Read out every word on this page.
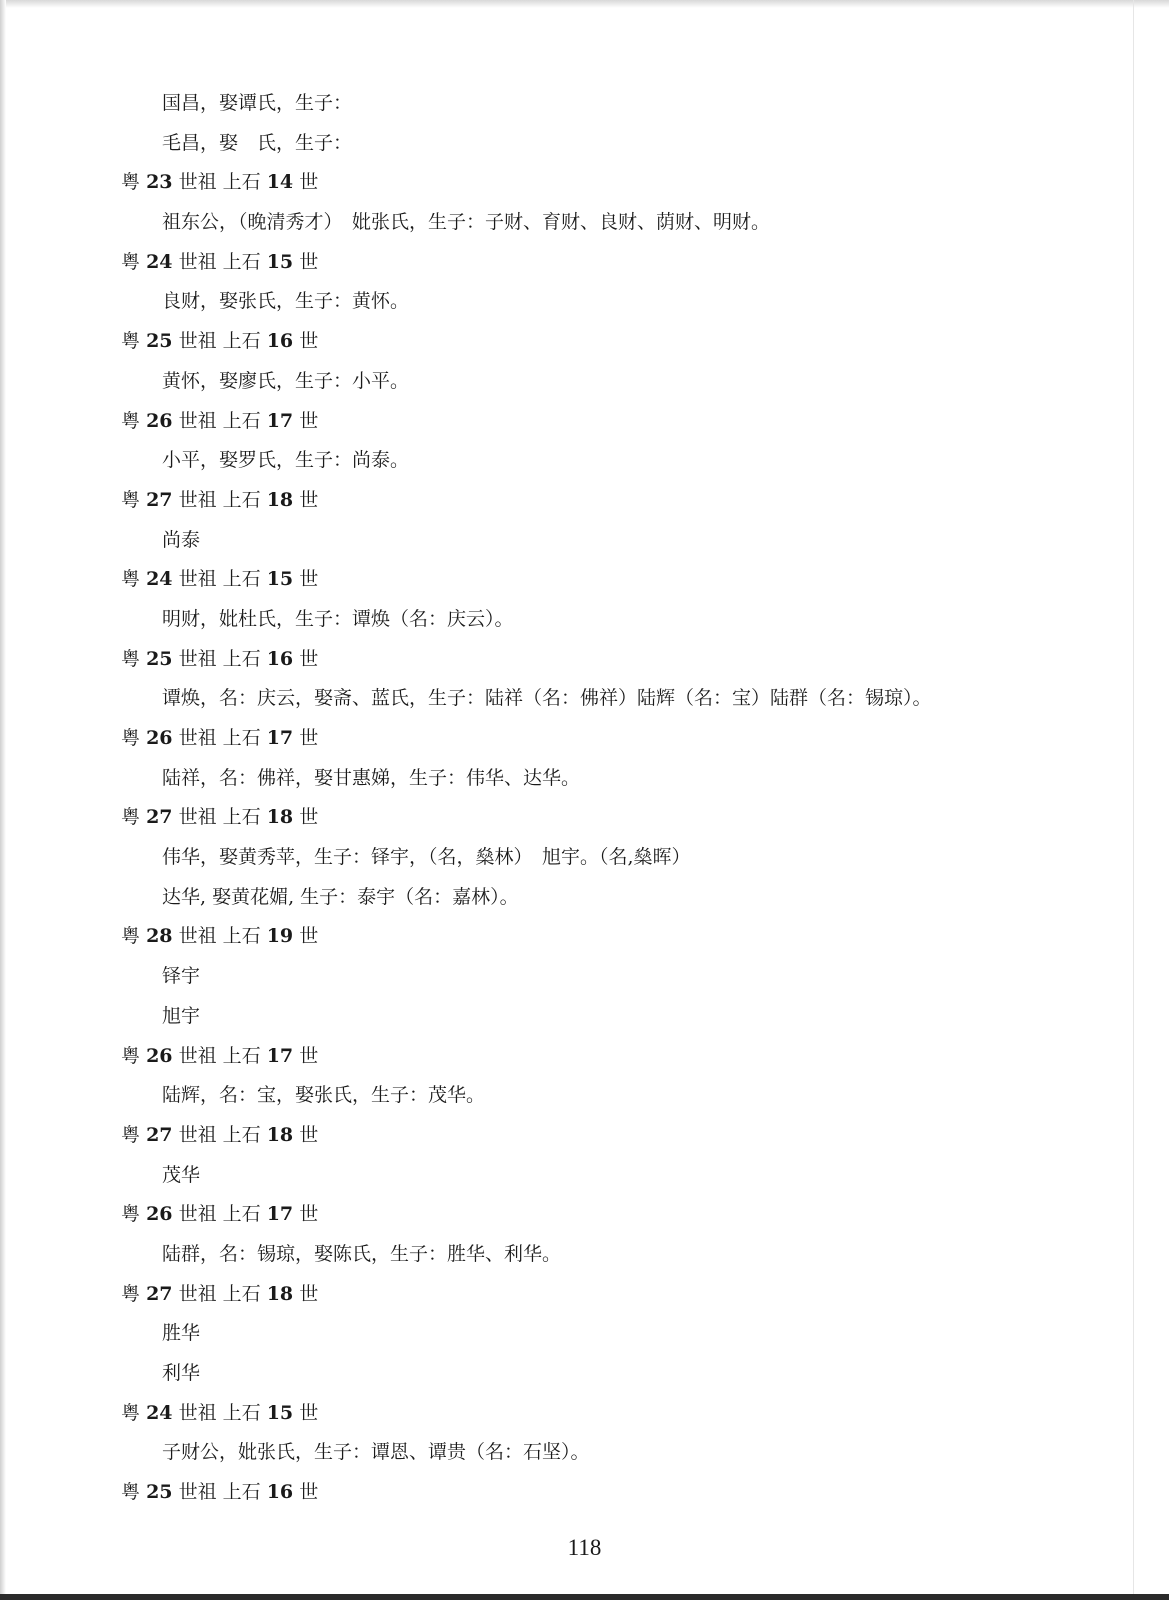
国昌，娶谭氏，生子：
毛昌，娶　氏，生子：
粤 23 世祖 上石 14 世
祖东公，（晚清秀才）　妣张氏，生子：子财、育财、良财、荫财、明财。
粤 24 世祖 上石 15 世
良财，娶张氏，生子：黄怀。
粤 25 世祖 上石 16 世
黄怀，娶廖氏，生子：小平。
粤 26 世祖 上石 17 世
小平，娶罗氏，生子：尚泰。
粤 27 世祖 上石 18 世
尚泰
粤 24 世祖 上石 15 世
明财，妣杜氏，生子：谭焕（名：庆云）。
粤 25 世祖 上石 16 世
谭焕，名：庆云，娶斋、蓝氏，生子：陆祥（名：佛祥）陆辉（名：宝）陆群（名：锡琼）。
粤 26 世祖 上石 17 世
陆祥，名：佛祥，娶甘惠娣，生子：伟华、达华。
粤 27 世祖 上石 18 世
伟华，娶黄秀苹，生子：铎宇，（名，燊林）　旭宇。（名,燊晖）
达华, 娶黄花媚, 生子：泰宇（名：嘉林）。
粤 28 世祖 上石 19 世
铎宇
旭宇
粤 26 世祖 上石 17 世
陆辉，名：宝，娶张氏，生子：茂华。
粤 27 世祖 上石 18 世
茂华
粤 26 世祖 上石 17 世
陆群，名：锡琼，娶陈氏，生子：胜华、利华。
粤 27 世祖 上石 18 世
胜华
利华
粤 24 世祖 上石 15 世
子财公，妣张氏，生子：谭恩、谭贵（名：石坚）。
粤 25 世祖 上石 16 世
118
